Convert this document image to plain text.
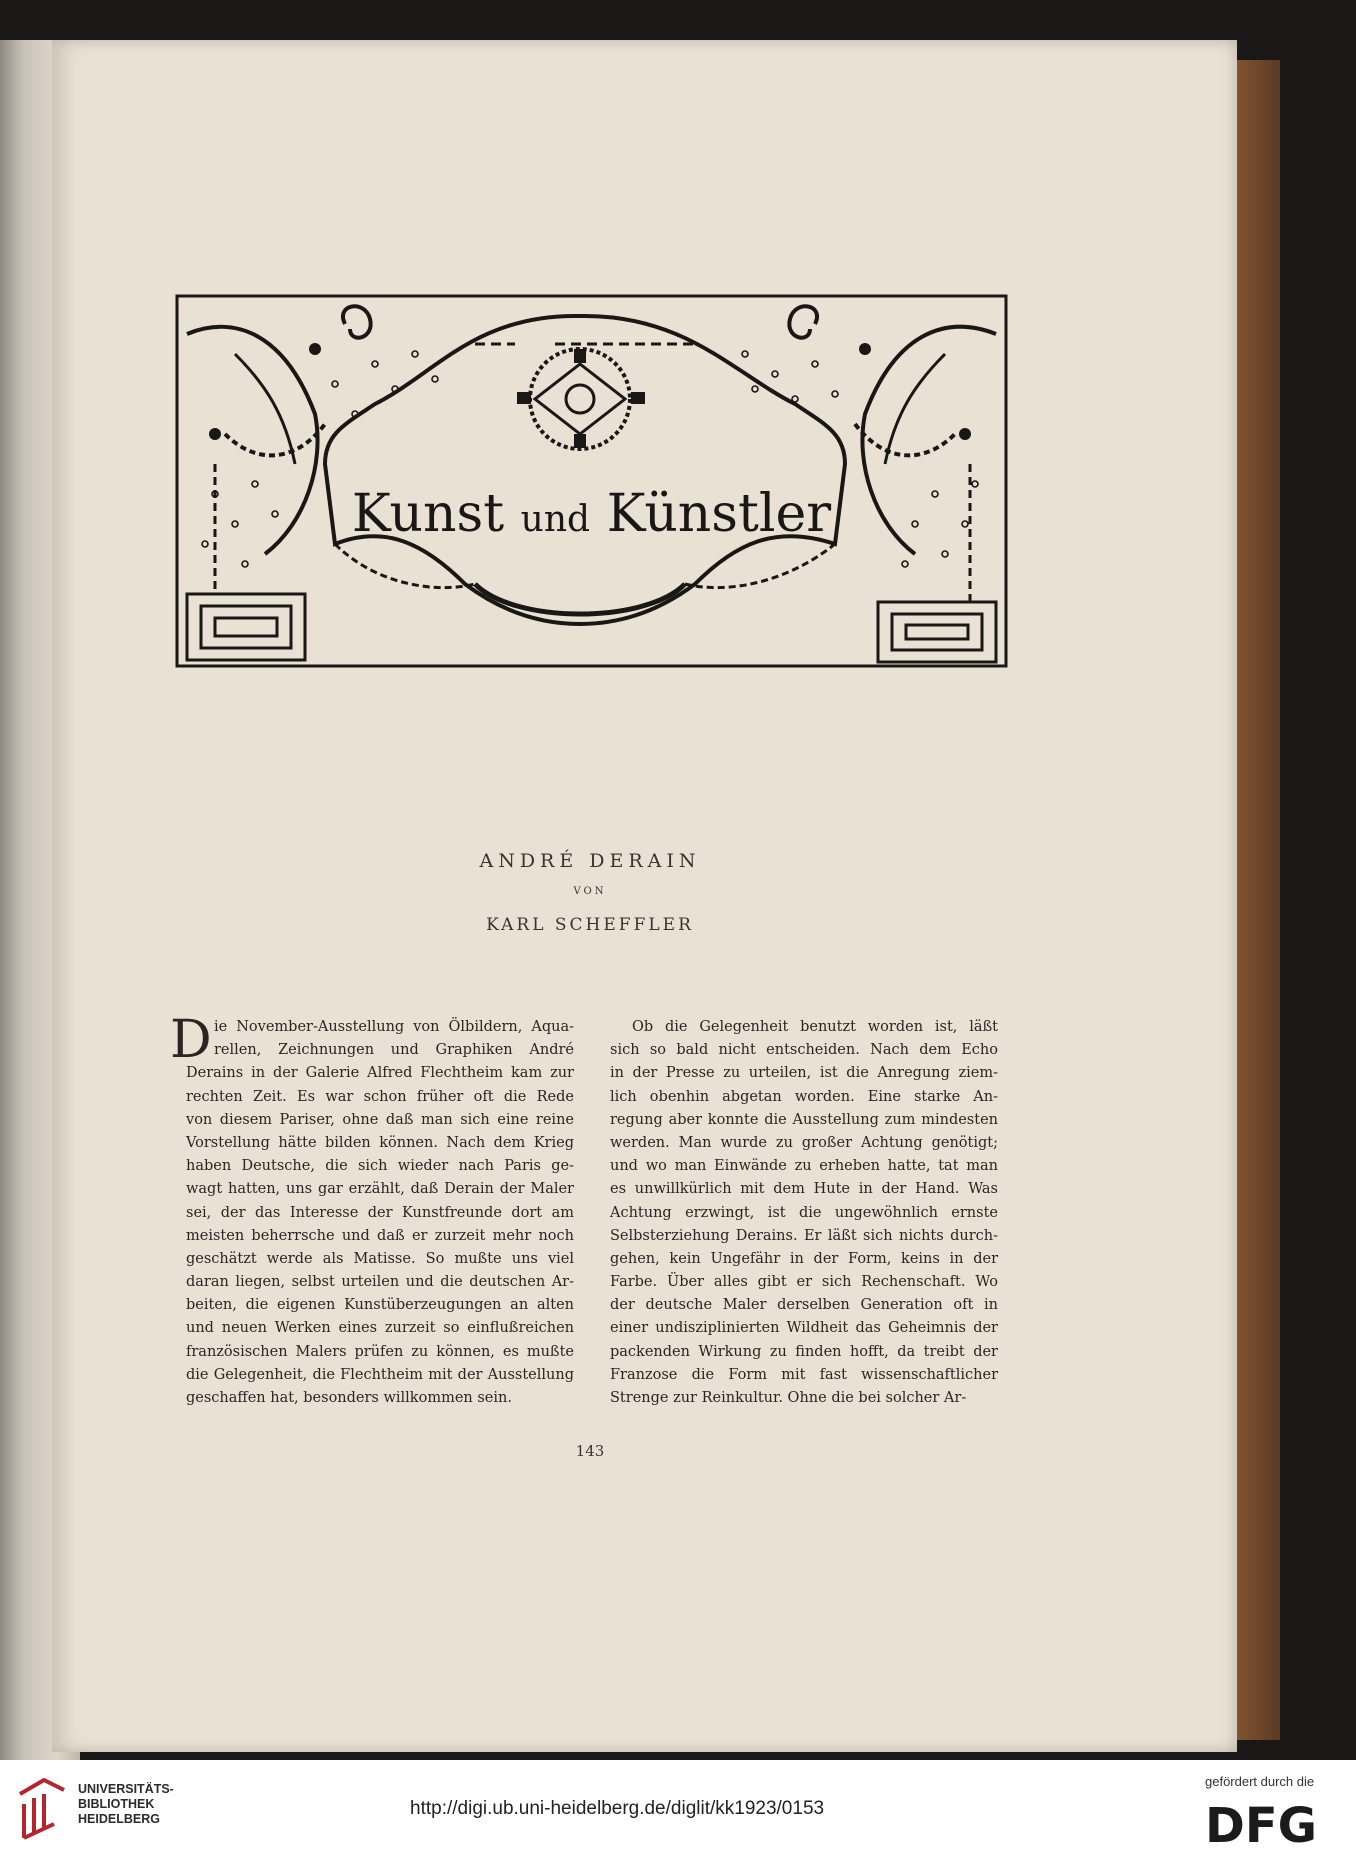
Kunst und Künstler
ANDRÉ DERAIN
VON
KARL SCHEFFLER
D ie November-Ausstellung von Ölbildern, Aqua-
rellen, Zeichnungen und Graphiken André
Derains in der Galerie Alfred Flechtheim kam zur
rechten Zeit. Es war schon früher oft die Rede
von diesem Pariser, ohne daß man sich eine reine
Vorstellung hätte bilden können. Nach dem Krieg
haben Deutsche, die sich wieder nach Paris ge-
wagt hatten, uns gar erzählt, daß Derain der Maler
sei, der das Interesse der Kunstfreunde dort am
meisten beherrsche und daß er zurzeit mehr noch
geschätzt werde als Matisse. So mußte uns viel
daran liegen, selbst urteilen und die deutschen Ar-
beiten, die eigenen Kunstüberzeugungen an alten
und neuen Werken eines zurzeit so einflußreichen
französischen Malers prüfen zu können, es mußte
die Gelegenheit, die Flechtheim mit der Ausstellung
geschaffen hat, besonders willkommen sein.
Ob die Gelegenheit benutzt worden ist, läßt
sich so bald nicht entscheiden. Nach dem Echo
in der Presse zu urteilen, ist die Anregung ziem-
lich obenhin abgetan worden. Eine starke An-
regung aber konnte die Ausstellung zum mindesten
werden. Man wurde zu großer Achtung genötigt;
und wo man Einwände zu erheben hatte, tat man
es unwillkürlich mit dem Hute in der Hand. Was
Achtung erzwingt, ist die ungewöhnlich ernste
Selbsterziehung Derains. Er läßt sich nichts durch-
gehen, kein Ungefähr in der Form, keins in der
Farbe. Über alles gibt er sich Rechenschaft. Wo
der deutsche Maler derselben Generation oft in
einer undisziplinierten Wildheit das Geheimnis der
packenden Wirkung zu finden hofft, da treibt der
Franzose die Form mit fast wissenschaftlicher
Strenge zur Reinkultur. Ohne die bei solcher Ar-
143
UNIVERSITÄTS-
BIBLIOTHEK
HEIDELBERG	http://digi.ub.uni-heidelberg.de/diglit/kk1923/0153
gefördert durch die
DFG
